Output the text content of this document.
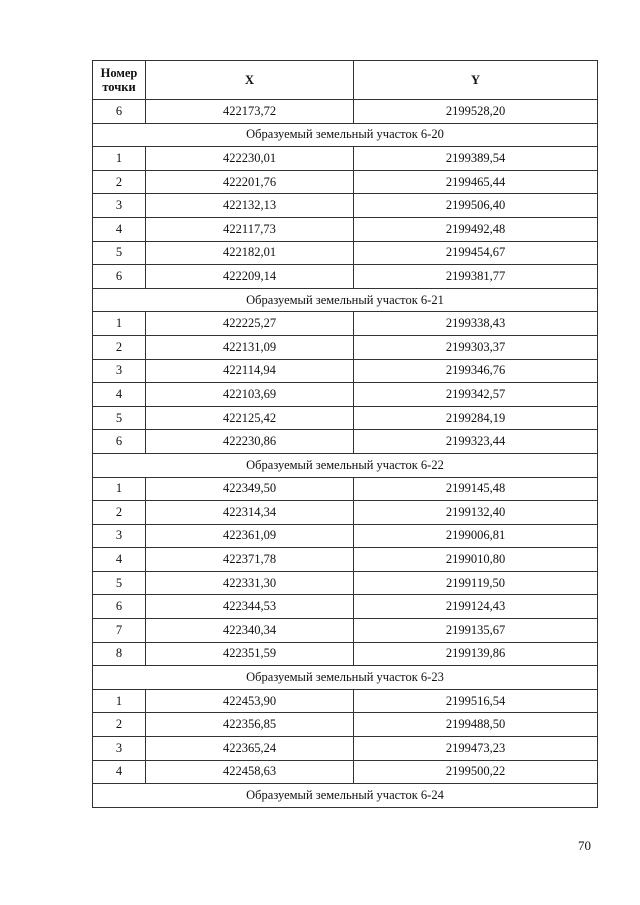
Номер
точки	X	Y
6	422173,72	2199528,20
Образуемый земельный участок 6-20		
1	422230,01	2199389,54
2	422201,76	2199465,44
3	422132,13	2199506,40
4	422117,73	2199492,48
5	422182,01	2199454,67
6	422209,14	2199381,77
Образуемый земельный участок 6-21		
1	422225,27	2199338,43
2	422131,09	2199303,37
3	422114,94	2199346,76
4	422103,69	2199342,57
5	422125,42	2199284,19
6	422230,86	2199323,44
Образуемый земельный участок 6-22		
1	422349,50	2199145,48
2	422314,34	2199132,40
3	422361,09	2199006,81
4	422371,78	2199010,80
5	422331,30	2199119,50
6	422344,53	2199124,43
7	422340,34	2199135,67
8	422351,59	2199139,86
Образуемый земельный участок 6-23		
1	422453,90	2199516,54
2	422356,85	2199488,50
3	422365,24	2199473,23
4	422458,63	2199500,22
Образуемый земельный участок 6-24		
70
